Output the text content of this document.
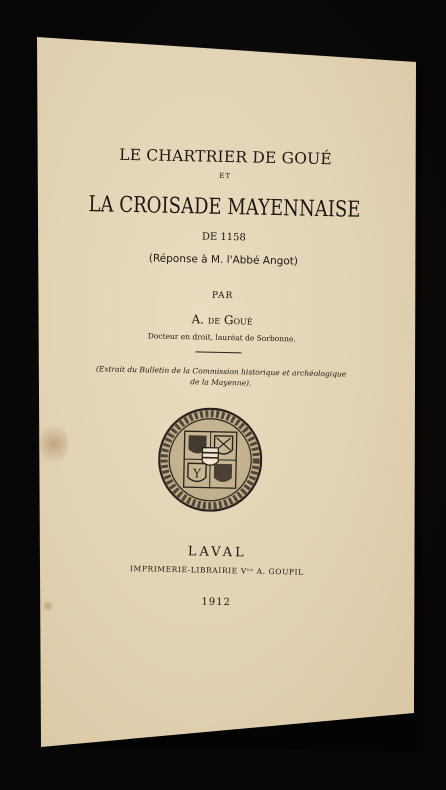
LE CHARTRIER DE GOUÉ
ET
LA CROISADE MAYENNAISE
DE 1158
(Réponse à M. l'Abbé Angot)
PAR
A. de Goué
Docteur en droit, lauréat de Sorbonne.
(Extrait du Bulletin de la Commission historique et archéologique de la Mayenne).
Y
LAVAL
IMPRIMERIE-LIBRAIRIE Vᵛᵉ A. GOUPIL
1912
